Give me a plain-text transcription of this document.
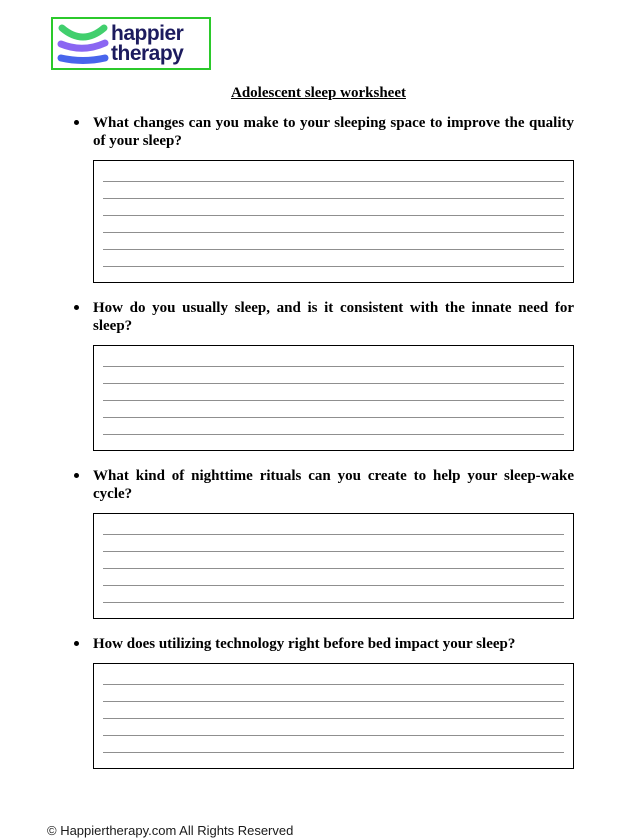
happier
therapy
Adolescent sleep worksheet
What changes can you make to your sleeping space to improve the quality of your sleep?
How do you usually sleep, and is it consistent with the innate need for sleep?
What kind of nighttime rituals can you create to help your sleep-wake cycle?
How does utilizing technology right before bed impact your sleep?
© Happiertherapy.com All Rights Reserved
